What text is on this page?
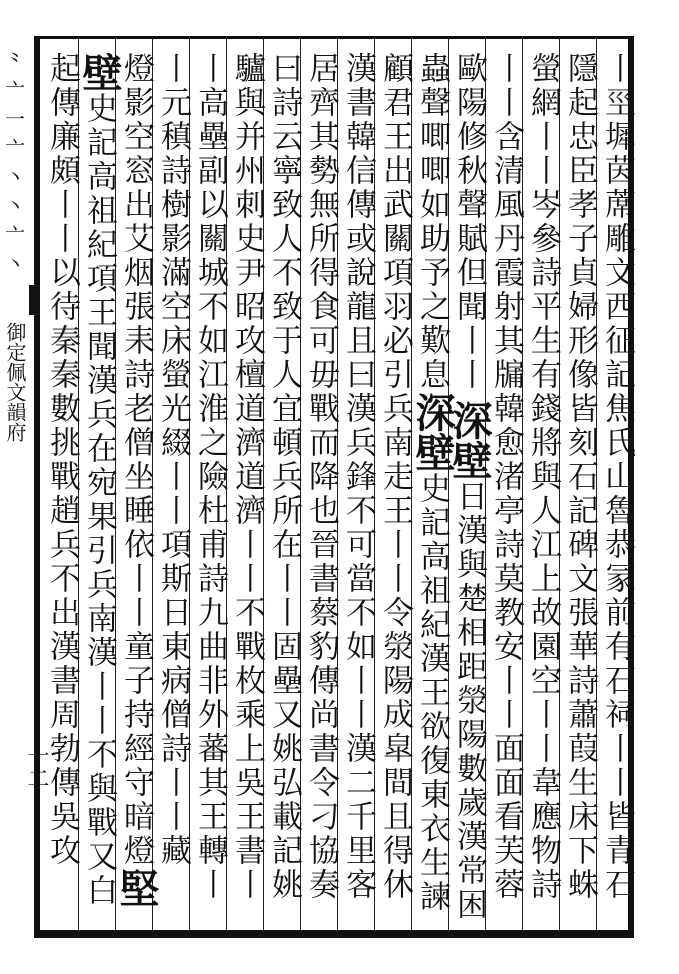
⺀
亠
一
亠
丶
丶
亠
丶
御定佩文韻府	丨巠墀茵蓆雕文西征記焦氏山魯恭冡前有石祠丨丨皆青石
隱起忠臣孝子貞婦形像皆刻石記碑文張華詩蕭葭生床下蛛
螢網丨丨岑參詩平生有錢將與人江上故園空丨丨韋應物詩
丨丨含清風丹霞射其牖韓愈渚亭詩莫教安丨丨面面看芙蓉
歐陽修秋聲賦但聞丨丨
蟲聲唧唧如助予之歎息深壁史記高祖紀漢王欲復東衣生諫
顧君王出武關項羽必引兵南走王丨丨令滎陽成皐間且得休
漢書韓信傳或說龍且曰漢兵鋒不可當不如丨丨漢二千里客
居齊其勢無所得食可毋戰而降也晉書蔡豹傳尚書令刁協奏
曰詩云寧致人不致于人宜頓兵所在丨丨固壘又姚弘載記姚
驢與并州刺史尹昭攻檀道濟道濟丨丨不戰枚乘上吳王書丨
丨高壘副以關城不如江淮之險杜甫詩九曲非外蕃其王轉丨
丨元稹詩樹影滿空床螢光綴丨丨項斯日東病僧詩丨丨藏
燈影空窓出艾烟張耒詩老僧坐睡依丨丨童子持經守暗燈堅
壁史記高祖紀項王聞漢兵在宛果引兵南漢丨丨不與戰又白
起傳廉頗丨丨以待秦秦數挑戰趙兵不出漢書周勃傳吳攻	深壁日漢與楚相距滎陽數歲漢常困
